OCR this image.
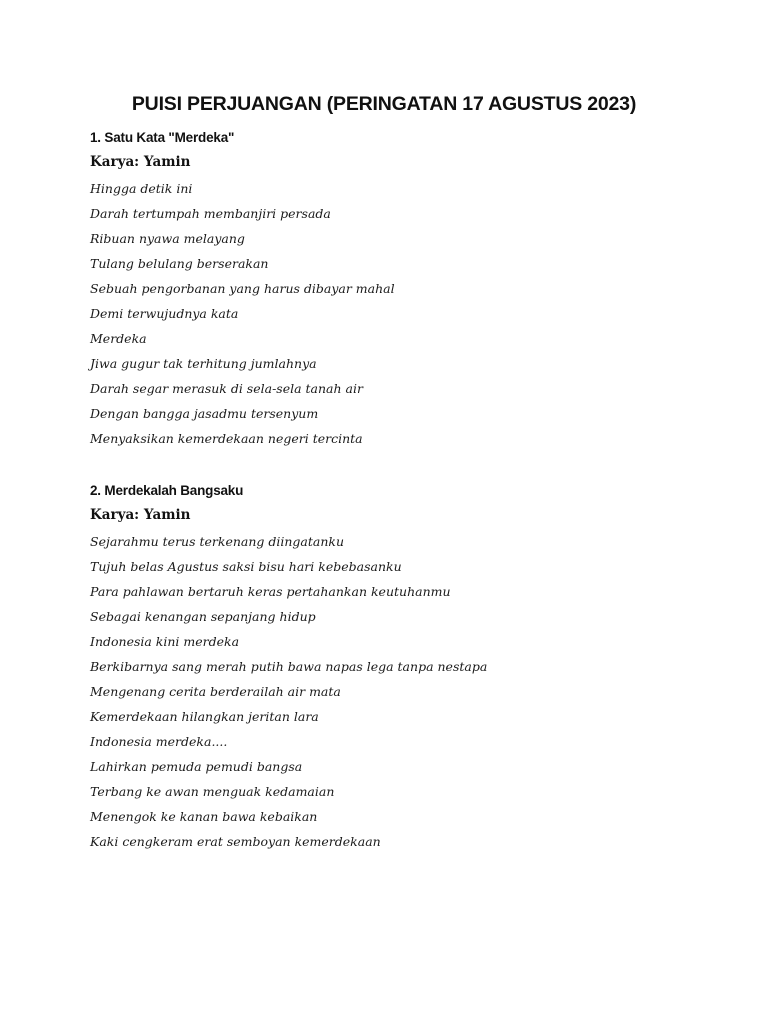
PUISI PERJUANGAN (PERINGATAN 17 AGUSTUS 2023)
1. Satu Kata "Merdeka"

Karya: Yamin

Hingga detik ini
Darah tertumpah membanjiri persada
Ribuan nyawa melayang
Tulang belulang berserakan
Sebuah pengorbanan yang harus dibayar mahal
Demi terwujudnya kata
Merdeka
Jiwa gugur tak terhitung jumlahnya
Darah segar merasuk di sela-sela tanah air
Dengan bangga jasadmu tersenyum
Menyaksikan kemerdekaan negeri tercinta
2. Merdekalah Bangsaku

Karya: Yamin

Sejarahmu terus terkenang diingatanku
Tujuh belas Agustus saksi bisu hari kebebasanku
Para pahlawan bertaruh keras pertahankan keutuhanmu
Sebagai kenangan sepanjang hidup
Indonesia kini merdeka
Berkibarnya sang merah putih bawa napas lega tanpa nestapa
Mengenang cerita berderailah air mata
Kemerdekaan hilangkan jeritan lara
Indonesia merdeka....
Lahirkan pemuda pemudi bangsa
Terbang ke awan menguak kedamaian
Menengok ke kanan bawa kebaikan
Kaki cengkeram erat semboyan kemerdekaan
